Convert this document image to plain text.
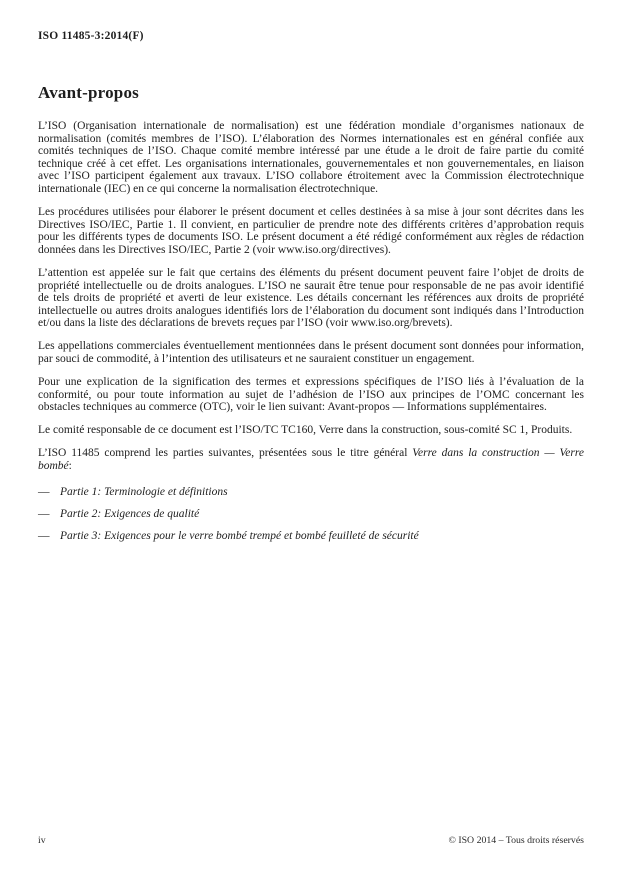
ISO 11485-3:2014(F)
Avant-propos

L’ISO (Organisation internationale de normalisation) est une fédération mondiale d’organismes nationaux de normalisation (comités membres de l’ISO). L’élaboration des Normes internationales est en général confiée aux comités techniques de l’ISO. Chaque comité membre intéressé par une étude a le droit de faire partie du comité technique créé à cet effet. Les organisations internationales, gouvernementales et non gouvernementales, en liaison avec l’ISO participent également aux travaux. L’ISO collabore étroitement avec la Commission électrotechnique internationale (IEC) en ce qui concerne la normalisation électrotechnique.

Les procédures utilisées pour élaborer le présent document et celles destinées à sa mise à jour sont décrites dans les Directives ISO/IEC, Partie 1. Il convient, en particulier de prendre note des différents critères d’approbation requis pour les différents types de documents ISO. Le présent document a été rédigé conformément aux règles de rédaction données dans les Directives ISO/IEC, Partie 2 (voir www.iso.org/directives).

L’attention est appelée sur le fait que certains des éléments du présent document peuvent faire l’objet de droits de propriété intellectuelle ou de droits analogues. L’ISO ne saurait être tenue pour responsable de ne pas avoir identifié de tels droits de propriété et averti de leur existence. Les détails concernant les références aux droits de propriété intellectuelle ou autres droits analogues identifiés lors de l’élaboration du document sont indiqués dans l’Introduction et/ou dans la liste des déclarations de brevets reçues par l’ISO (voir www.iso.org/brevets).

Les appellations commerciales éventuellement mentionnées dans le présent document sont données pour information, par souci de commodité, à l’intention des utilisateurs et ne sauraient constituer un engagement.

Pour une explication de la signification des termes et expressions spécifiques de l’ISO liés à l’évaluation de la conformité, ou pour toute information au sujet de l’adhésion de l’ISO aux principes de l’OMC concernant les obstacles techniques au commerce (OTC), voir le lien suivant: Avant-propos — Informations supplémentaires.

Le comité responsable de ce document est l’ISO/TC TC160, Verre dans la construction, sous-comité SC 1, Produits.

L’ISO 11485 comprend les parties suivantes, présentées sous le titre général Verre dans la construction — Verre bombé:

— Partie 1: Terminologie et définitions
— Partie 2: Exigences de qualité
— Partie 3: Exigences pour le verre bombé trempé et bombé feuilleté de sécurité
iv	© ISO 2014 – Tous droits réservés
